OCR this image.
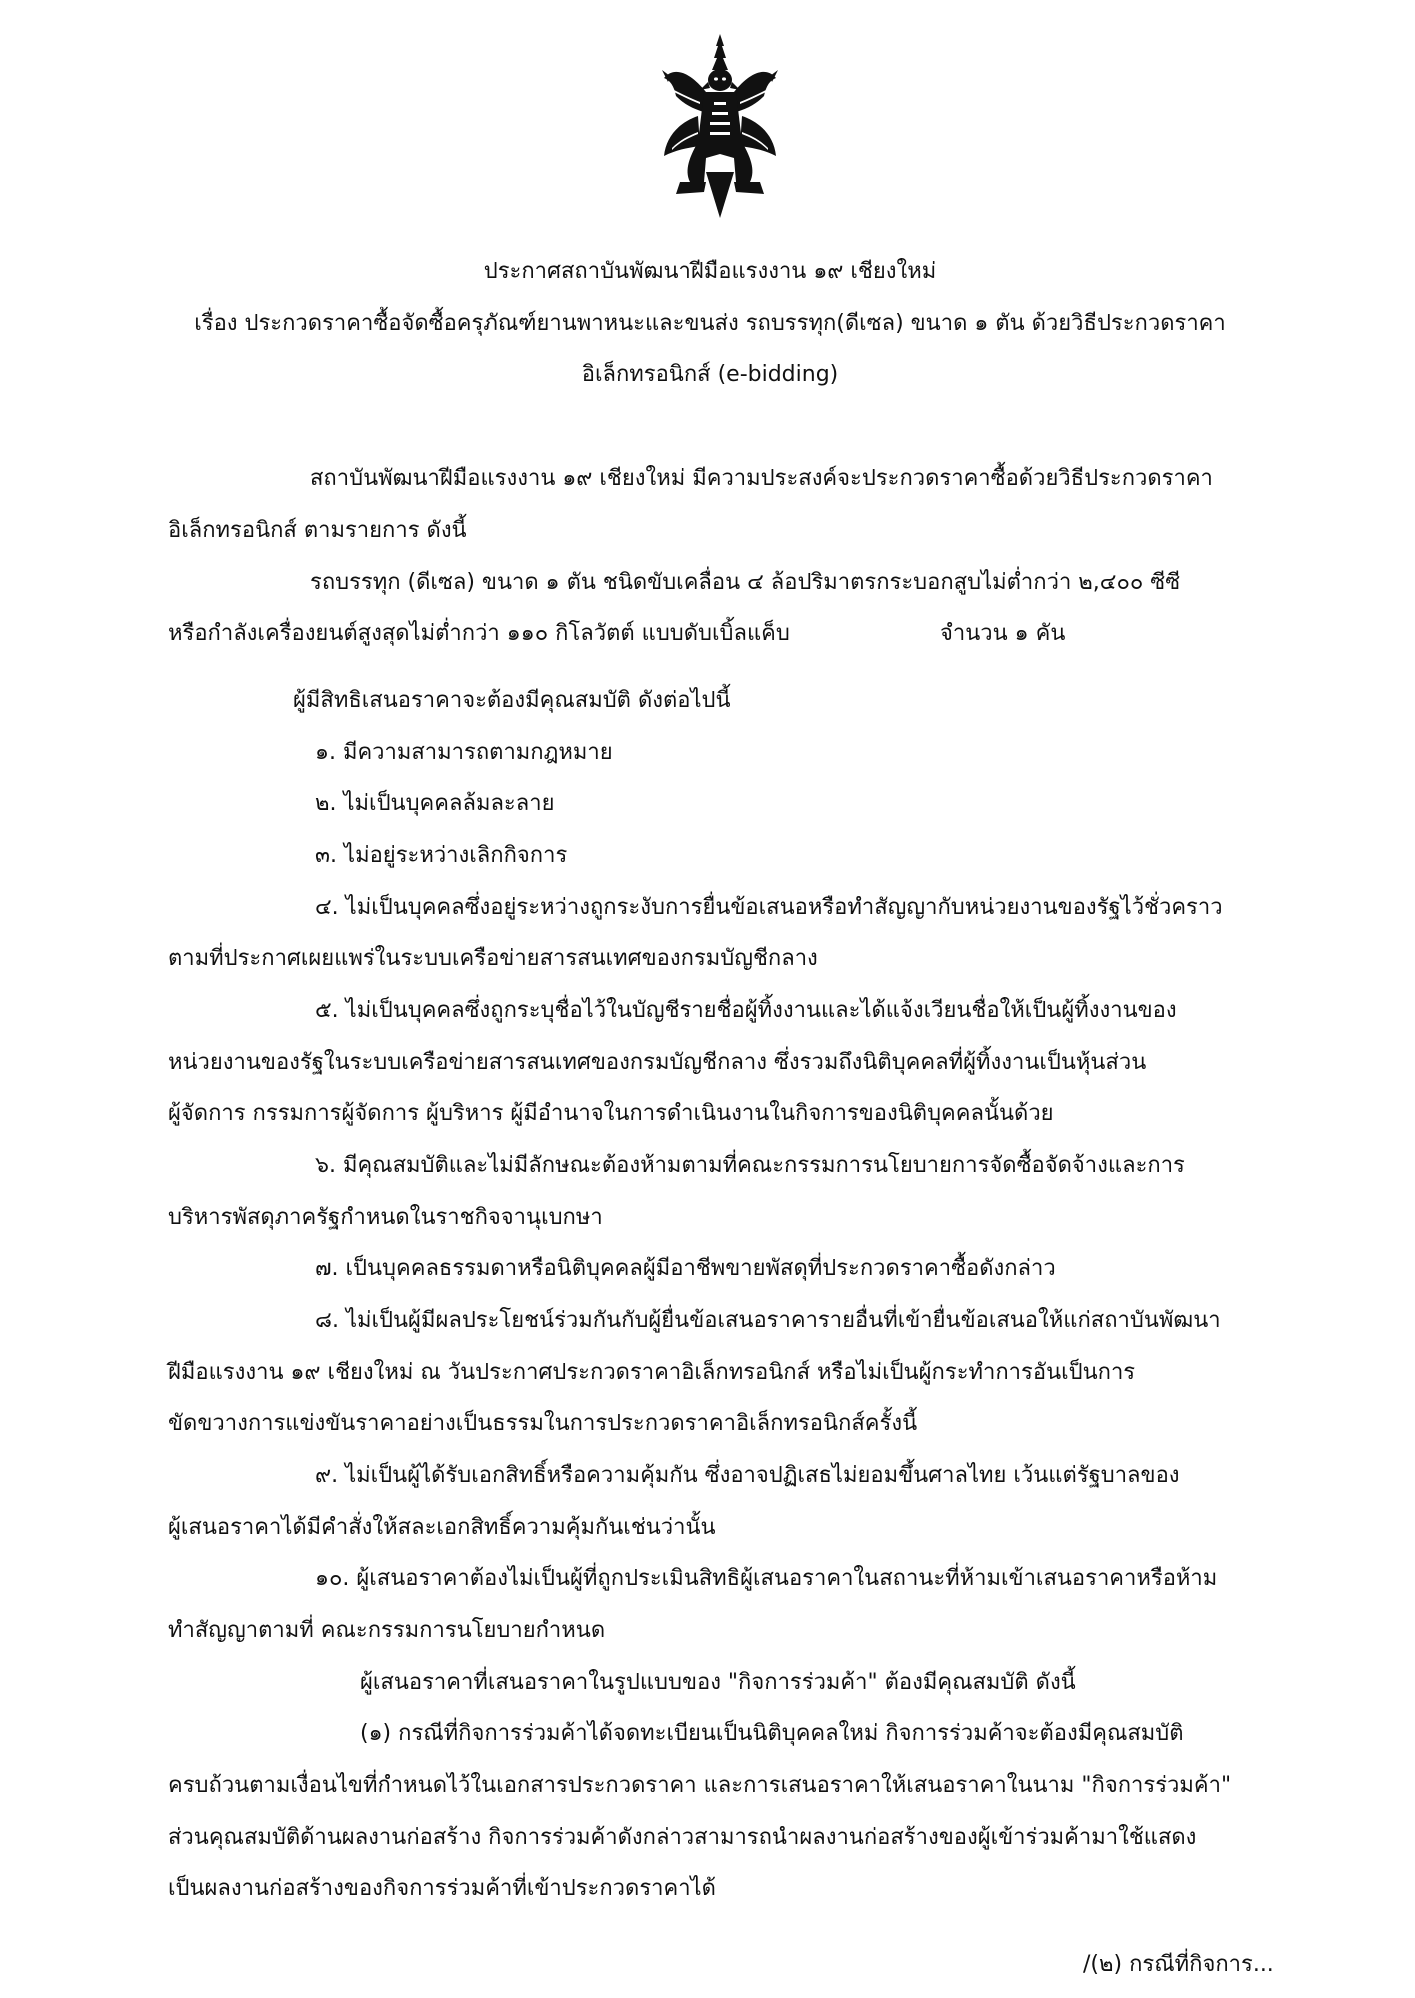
ประกาศสถาบันพัฒนาฝีมือแรงงาน ๑๙ เชียงใหม่
เรื่อง ประกวดราคาซื้อจัดซื้อครุภัณฑ์ยานพาหนะและขนส่ง รถบรรทุก(ดีเซล) ขนาด ๑ ตัน ด้วยวิธีประกวดราคา
อิเล็กทรอนิกส์ (e-bidding)
สถาบันพัฒนาฝีมือแรงงาน ๑๙ เชียงใหม่ มีความประสงค์จะประกวดราคาซื้อด้วยวิธีประกวดราคา
อิเล็กทรอนิกส์ ตามรายการ ดังนี้
รถบรรทุก (ดีเซล) ขนาด ๑ ตัน ชนิดขับเคลื่อน ๔ ล้อปริมาตรกระบอกสูบไม่ต่ำกว่า ๒,๔๐๐ ซีซี
หรือกำลังเครื่องยนต์สูงสุดไม่ต่ำกว่า ๑๑๐ กิโลวัตต์ แบบดับเบิ้ลแค็บ	จำนวน ๑ คัน
ผู้มีสิทธิเสนอราคาจะต้องมีคุณสมบัติ ดังต่อไปนี้
๑. มีความสามารถตามกฎหมาย
๒. ไม่เป็นบุคคลล้มละลาย
๓. ไม่อยู่ระหว่างเลิกกิจการ
๔. ไม่เป็นบุคคลซึ่งอยู่ระหว่างถูกระงับการยื่นข้อเสนอหรือทำสัญญากับหน่วยงานของรัฐไว้ชั่วคราว
ตามที่ประกาศเผยแพร่ในระบบเครือข่ายสารสนเทศของกรมบัญชีกลาง
๕. ไม่เป็นบุคคลซึ่งถูกระบุชื่อไว้ในบัญชีรายชื่อผู้ทิ้งงานและได้แจ้งเวียนชื่อให้เป็นผู้ทิ้งงานของ
หน่วยงานของรัฐในระบบเครือข่ายสารสนเทศของกรมบัญชีกลาง ซึ่งรวมถึงนิติบุคคลที่ผู้ทิ้งงานเป็นหุ้นส่วน
ผู้จัดการ กรรมการผู้จัดการ ผู้บริหาร ผู้มีอำนาจในการดำเนินงานในกิจการของนิติบุคคลนั้นด้วย
๖. มีคุณสมบัติและไม่มีลักษณะต้องห้ามตามที่คณะกรรมการนโยบายการจัดซื้อจัดจ้างและการ
บริหารพัสดุภาครัฐกำหนดในราชกิจจานุเบกษา
๗. เป็นบุคคลธรรมดาหรือนิติบุคคลผู้มีอาชีพขายพัสดุที่ประกวดราคาซื้อดังกล่าว
๘. ไม่เป็นผู้มีผลประโยชน์ร่วมกันกับผู้ยื่นข้อเสนอราคารายอื่นที่เข้ายื่นข้อเสนอให้แก่สถาบันพัฒนา
ฝีมือแรงงาน ๑๙ เชียงใหม่ ณ วันประกาศประกวดราคาอิเล็กทรอนิกส์ หรือไม่เป็นผู้กระทำการอันเป็นการ
ขัดขวางการแข่งขันราคาอย่างเป็นธรรมในการประกวดราคาอิเล็กทรอนิกส์ครั้งนี้
๙. ไม่เป็นผู้ได้รับเอกสิทธิ์หรือความคุ้มกัน ซึ่งอาจปฏิเสธไม่ยอมขึ้นศาลไทย เว้นแต่รัฐบาลของ
ผู้เสนอราคาได้มีคำสั่งให้สละเอกสิทธิ์ความคุ้มกันเช่นว่านั้น
๑๐. ผู้เสนอราคาต้องไม่เป็นผู้ที่ถูกประเมินสิทธิผู้เสนอราคาในสถานะที่ห้ามเข้าเสนอราคาหรือห้าม
ทำสัญญาตามที่ คณะกรรมการนโยบายกำหนด
ผู้เสนอราคาที่เสนอราคาในรูปแบบของ "กิจการร่วมค้า" ต้องมีคุณสมบัติ ดังนี้
(๑) กรณีที่กิจการร่วมค้าได้จดทะเบียนเป็นนิติบุคคลใหม่ กิจการร่วมค้าจะต้องมีคุณสมบัติ
ครบถ้วนตามเงื่อนไขที่กำหนดไว้ในเอกสารประกวดราคา และการเสนอราคาให้เสนอราคาในนาม "กิจการร่วมค้า"
ส่วนคุณสมบัติด้านผลงานก่อสร้าง กิจการร่วมค้าดังกล่าวสามารถนำผลงานก่อสร้างของผู้เข้าร่วมค้ามาใช้แสดง
เป็นผลงานก่อสร้างของกิจการร่วมค้าที่เข้าประกวดราคาได้
/(๒) กรณีที่กิจการ...
